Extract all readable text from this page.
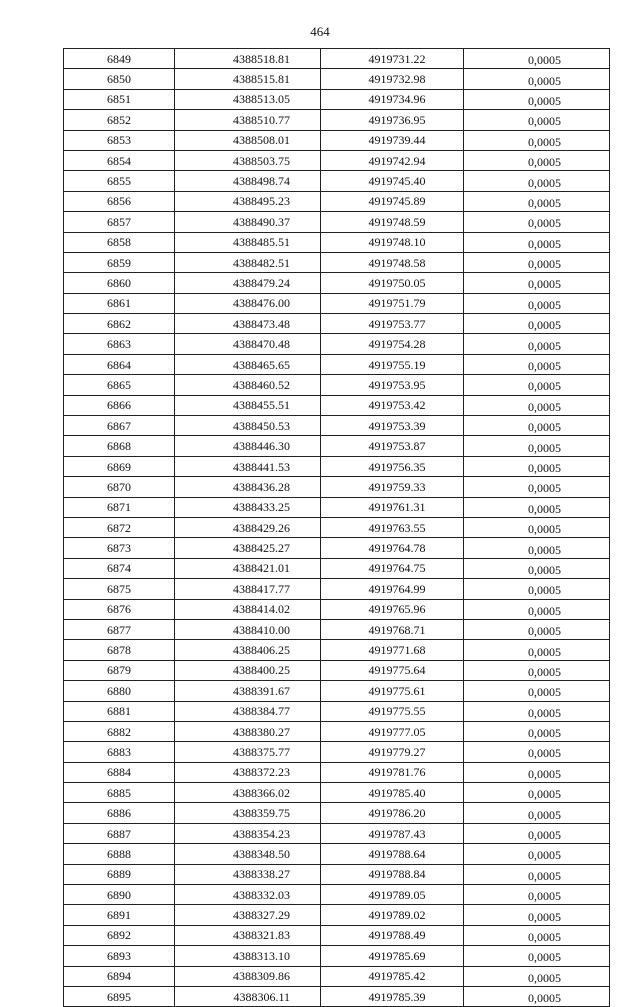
464
6849	4388518.81	4919731.22	0,0005
6850	4388515.81	4919732.98	0,0005
6851	4388513.05	4919734.96	0,0005
6852	4388510.77	4919736.95	0,0005
6853	4388508.01	4919739.44	0,0005
6854	4388503.75	4919742.94	0,0005
6855	4388498.74	4919745.40	0,0005
6856	4388495.23	4919745.89	0,0005
6857	4388490.37	4919748.59	0,0005
6858	4388485.51	4919748.10	0,0005
6859	4388482.51	4919748.58	0,0005
6860	4388479.24	4919750.05	0,0005
6861	4388476.00	4919751.79	0,0005
6862	4388473.48	4919753.77	0,0005
6863	4388470.48	4919754.28	0,0005
6864	4388465.65	4919755.19	0,0005
6865	4388460.52	4919753.95	0,0005
6866	4388455.51	4919753.42	0,0005
6867	4388450.53	4919753.39	0,0005
6868	4388446.30	4919753.87	0,0005
6869	4388441.53	4919756.35	0,0005
6870	4388436.28	4919759.33	0,0005
6871	4388433.25	4919761.31	0,0005
6872	4388429.26	4919763.55	0,0005
6873	4388425.27	4919764.78	0,0005
6874	4388421.01	4919764.75	0,0005
6875	4388417.77	4919764.99	0,0005
6876	4388414.02	4919765.96	0,0005
6877	4388410.00	4919768.71	0,0005
6878	4388406.25	4919771.68	0,0005
6879	4388400.25	4919775.64	0,0005
6880	4388391.67	4919775.61	0,0005
6881	4388384.77	4919775.55	0,0005
6882	4388380.27	4919777.05	0,0005
6883	4388375.77	4919779.27	0,0005
6884	4388372.23	4919781.76	0,0005
6885	4388366.02	4919785.40	0,0005
6886	4388359.75	4919786.20	0,0005
6887	4388354.23	4919787.43	0,0005
6888	4388348.50	4919788.64	0,0005
6889	4388338.27	4919788.84	0,0005
6890	4388332.03	4919789.05	0,0005
6891	4388327.29	4919789.02	0,0005
6892	4388321.83	4919788.49	0,0005
6893	4388313.10	4919785.69	0,0005
6894	4388309.86	4919785.42	0,0005
6895	4388306.11	4919785.39	0,0005
